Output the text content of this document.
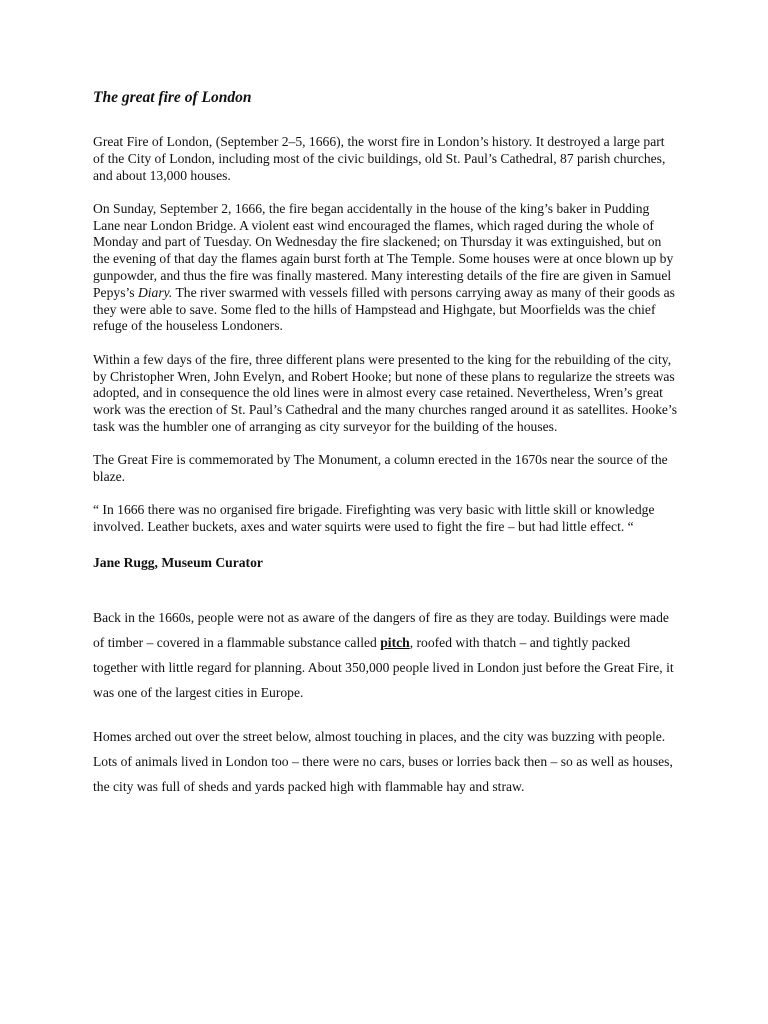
The great fire of London

Great Fire of London, (September 2–5, 1666), the worst fire in London’s history. It destroyed a large part of the City of London, including most of the civic buildings, old St. Paul’s Cathedral, 87 parish churches, and about 13,000 houses.

On Sunday, September 2, 1666, the fire began accidentally in the house of the king’s baker in Pudding Lane near London Bridge. A violent east wind encouraged the flames, which raged during the whole of Monday and part of Tuesday. On Wednesday the fire slackened; on Thursday it was extinguished, but on the evening of that day the flames again burst forth at The Temple. Some houses were at once blown up by gunpowder, and thus the fire was finally mastered. Many interesting details of the fire are given in Samuel Pepys’s Diary. The river swarmed with vessels filled with persons carrying away as many of their goods as they were able to save. Some fled to the hills of Hampstead and Highgate, but Moorfields was the chief refuge of the houseless Londoners.

Within a few days of the fire, three different plans were presented to the king for the rebuilding of the city, by Christopher Wren, John Evelyn, and Robert Hooke; but none of these plans to regularize the streets was adopted, and in consequence the old lines were in almost every case retained. Nevertheless, Wren’s great work was the erection of St. Paul’s Cathedral and the many churches ranged around it as satellites. Hooke’s task was the humbler one of arranging as city surveyor for the building of the houses.

The Great Fire is commemorated by The Monument, a column erected in the 1670s near the source of the blaze.

“ In 1666 there was no organised fire brigade. Firefighting was very basic with little skill or knowledge involved. Leather buckets, axes and water squirts were used to fight the fire – but had little effect. “

Jane Rugg, Museum Curator

Back in the 1660s, people were not as aware of the dangers of fire as they are today. Buildings were made of timber – covered in a flammable substance called pitch, roofed with thatch – and tightly packed together with little regard for planning. About 350,000 people lived in London just before the Great Fire, it was one of the largest cities in Europe.

Homes arched out over the street below, almost touching in places, and the city was buzzing with people. Lots of animals lived in London too – there were no cars, buses or lorries back then – so as well as houses, the city was full of sheds and yards packed high with flammable hay and straw.
